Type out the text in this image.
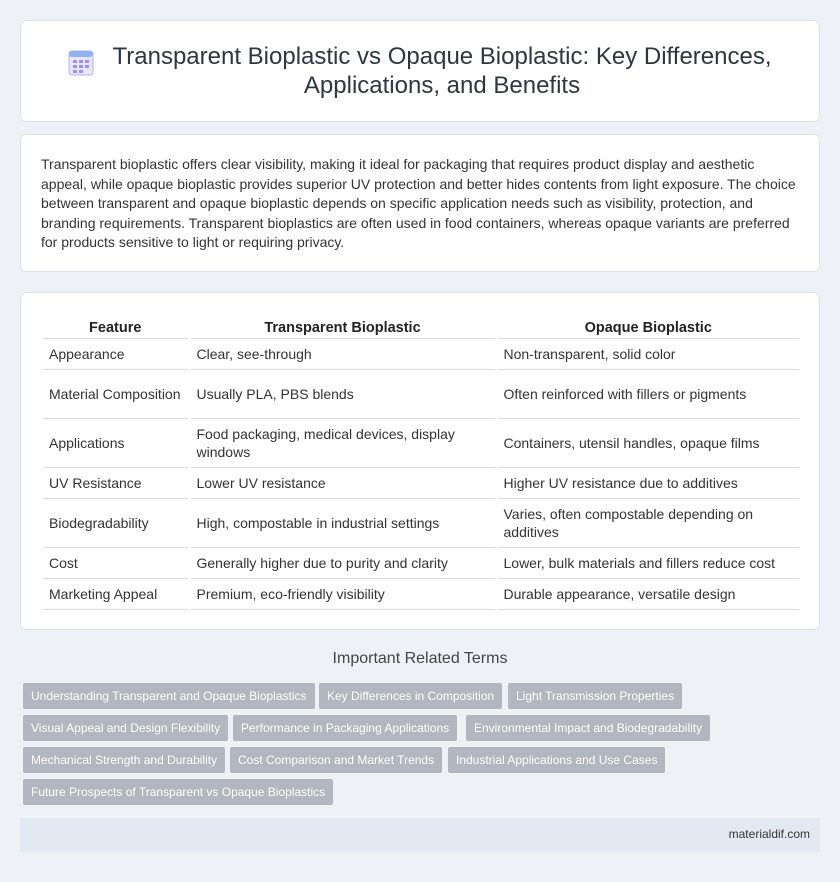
Transparent Bioplastic vs Opaque Bioplastic: Key Differences, Applications, and Benefits

Transparent bioplastic offers clear visibility, making it ideal for packaging that requires product display and aesthetic appeal, while opaque bioplastic provides superior UV protection and better hides contents from light exposure. The choice between transparent and opaque bioplastic depends on specific application needs such as visibility, protection, and branding requirements. Transparent bioplastics are often used in food containers, whereas opaque variants are preferred for products sensitive to light or requiring privacy.

Feature	Transparent Bioplastic	Opaque Bioplastic
Appearance	Clear, see-through	Non-transparent, solid color
Material Composition	Usually PLA, PBS blends	Often reinforced with fillers or pigments
Applications	Food packaging, medical devices, display windows	Containers, utensil handles, opaque films
UV Resistance	Lower UV resistance	Higher UV resistance due to additives
Biodegradability	High, compostable in industrial settings	Varies, often compostable depending on additives
Cost	Generally higher due to purity and clarity	Lower, bulk materials and fillers reduce cost
Marketing Appeal	Premium, eco-friendly visibility	Durable appearance, versatile design
Important Related Terms
Understanding Transparent and Opaque Bioplastics	Key Differences in Composition	Light Transmission Properties
Visual Appeal and Design Flexibility	Performance in Packaging Applications	Environmental Impact and Biodegradability
Mechanical Strength and Durability	Cost Comparison and Market Trends	Industrial Applications and Use Cases
Future Prospects of Transparent vs Opaque Bioplastics
materialdif.com
